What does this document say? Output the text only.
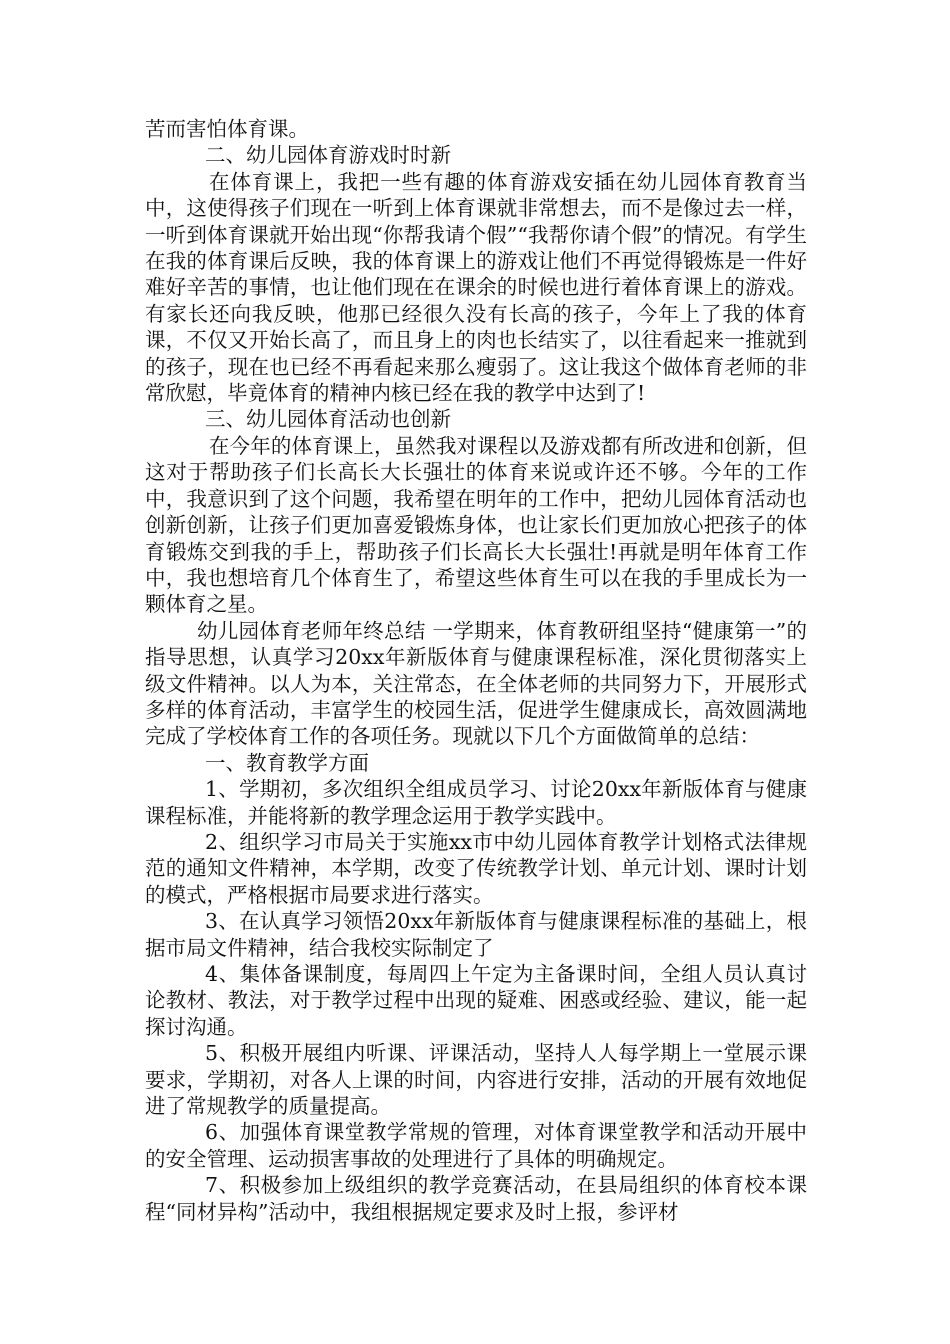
苦而害怕体育课。

二、幼儿园体育游戏时时新

在体育课上，我把一些有趣的体育游戏安插在幼儿园体育教育当中，这使得孩子们现在一听到上体育课就非常想去，而不是像过去一样，一听到体育课就开始出现“你帮我请个假”“我帮你请个假”的情况。有学生在我的体育课后反映，我的体育课上的游戏让他们不再觉得锻炼是一件好难好辛苦的事情，也让他们现在在课余的时候也进行着体育课上的游戏。有家长还向我反映，他那已经很久没有长高的孩子，今年上了我的体育课，不仅又开始长高了，而且身上的肉也长结实了，以往看起来一推就到的孩子，现在也已经不再看起来那么瘦弱了。这让我这个做体育老师的非常欣慰，毕竟体育的精神内核已经在我的教学中达到了!

三、幼儿园体育活动也创新

在今年的体育课上，虽然我对课程以及游戏都有所改进和创新，但这对于帮助孩子们长高长大长强壮的体育来说或许还不够。今年的工作中，我意识到了这个问题，我希望在明年的工作中，把幼儿园体育活动也创新创新，让孩子们更加喜爱锻炼身体，也让家长们更加放心把孩子的体育锻炼交到我的手上，帮助孩子们长高长大长强壮!再就是明年体育工作中，我也想培育几个体育生了，希望这些体育生可以在我的手里成长为一颗体育之星。

幼儿园体育老师年终总结 一学期来，体育教研组坚持“健康第一”的指导思想，认真学习20xx年新版体育与健康课程标准，深化贯彻落实上级文件精神。以人为本，关注常态，在全体老师的共同努力下，开展形式多样的体育活动，丰富学生的校园生活，促进学生健康成长，高效圆满地完成了学校体育工作的各项任务。现就以下几个方面做简单的总结：

一、教育教学方面

1、学期初，多次组织全组成员学习、讨论20xx年新版体育与健康课程标准，并能将新的教学理念运用于教学实践中。

2、组织学习市局关于实施xx市中幼儿园体育教学计划格式法律规范的通知文件精神，本学期，改变了传统教学计划、单元计划、课时计划的模式，严格根据市局要求进行落实。

3、在认真学习领悟20xx年新版体育与健康课程标准的基础上，根据市局文件精神，结合我校实际制定了

4、集体备课制度，每周四上午定为主备课时间，全组人员认真讨论教材、教法，对于教学过程中出现的疑难、困惑或经验、建议，能一起探讨沟通。

5、积极开展组内听课、评课活动，坚持人人每学期上一堂展示课要求，学期初，对各人上课的时间，内容进行安排，活动的开展有效地促进了常规教学的质量提高。

6、加强体育课堂教学常规的管理，对体育课堂教学和活动开展中的安全管理、运动损害事故的处理进行了具体的明确规定。

7、积极参加上级组织的教学竞赛活动，在县局组织的体育校本课程“同材异构”活动中，我组根据规定要求及时上报，参评材
